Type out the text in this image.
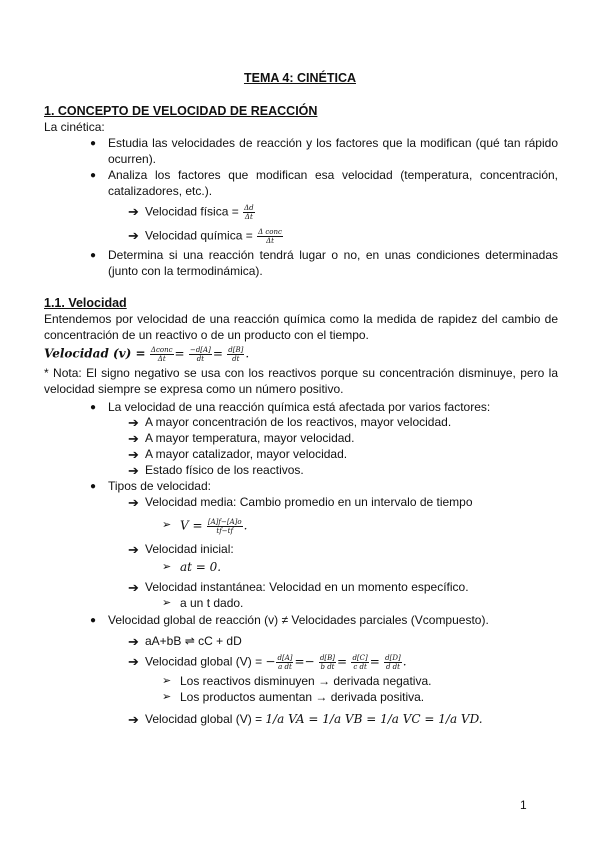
TEMA 4: CINÉTICA
1. CONCEPTO DE VELOCIDAD DE REACCIÓN
La cinética:
● Estudia las velocidades de reacción y los factores que la modifican (qué tan rápido
ocurren).
● Analiza los factores que modifican esa velocidad (temperatura, concentración,
catalizadores, etc.).
➔ Velocidad física = $\frac{\Delta d}{\Delta t}$
➔ Velocidad química = $\frac{\text{Δ conc}}{\Delta t}$
● Determina si una reacción tendrá lugar o no, en unas condiciones determinadas
(junto con la termodinámica).
1.1. Velocidad
Entendemos por velocidad de una reacción química como la medida de rapidez del cambio de
concentración de un reactivo o de un producto con el tiempo.
Velocidad $(v) = \frac{\text{Δconc}}{\Delta t} = \frac{-d[A]}{dt} = \frac{d[B]}{dt}$ .
* Nota: El signo negativo se usa con los reactivos porque su concentración disminuye, pero la
velocidad siempre se expresa como un número positivo.
● La velocidad de una reacción química está afectada por varios factores:
➔ A mayor concentración de los reactivos, mayor velocidad.
➔ A mayor temperatura, mayor velocidad.
➔ A mayor catalizador, mayor velocidad.
➔ Estado físico de los reactivos.
● Tipos de velocidad:
➔ Velocidad media: Cambio promedio en un intervalo de tiempo
➢ $V = \frac{[A]f-[A]o}{tf-tf}$ .
➔ Velocidad inicial:
➢ at = 0.
➔ Velocidad instantánea: Velocidad en un momento específico.
➢ a un t dado.
● Velocidad global de reacción (v) ≠ Velocidades parciales (Vcompuesto).
➔ aA+bB ⇌ cC + dD
➔ Velocidad global (V) = − $\frac{d[A]}{\text{a dt}} =- \frac{d[B]}{\text{b dt}} = \frac{d[C]}{\text{c dt}} = \frac{d[D]}{\text{d dt}}$ .
➢ Los reactivos disminuyen → derivada negativa.
➢ Los productos aumentan → derivada positiva.
➔ Velocidad global (V) = 1/a VA = 1/a VB = 1/a VC = 1/a VD.
1
